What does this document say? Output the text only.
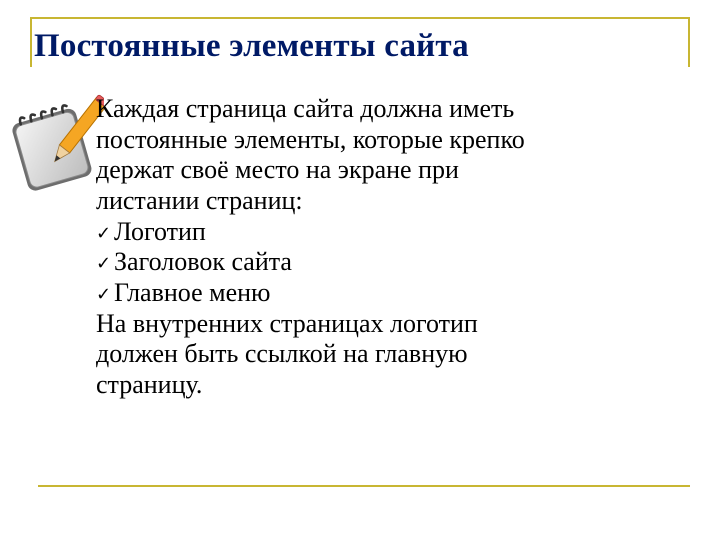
Постоянные элементы сайта
Каждая страница сайта должна иметь
постоянные элементы, которые крепко
держат своё место на экране при
листании страниц:
✓ Логотип
✓ Заголовок сайта
✓ Главное меню
На внутренних страницах логотип
должен быть ссылкой на главную
страницу.
